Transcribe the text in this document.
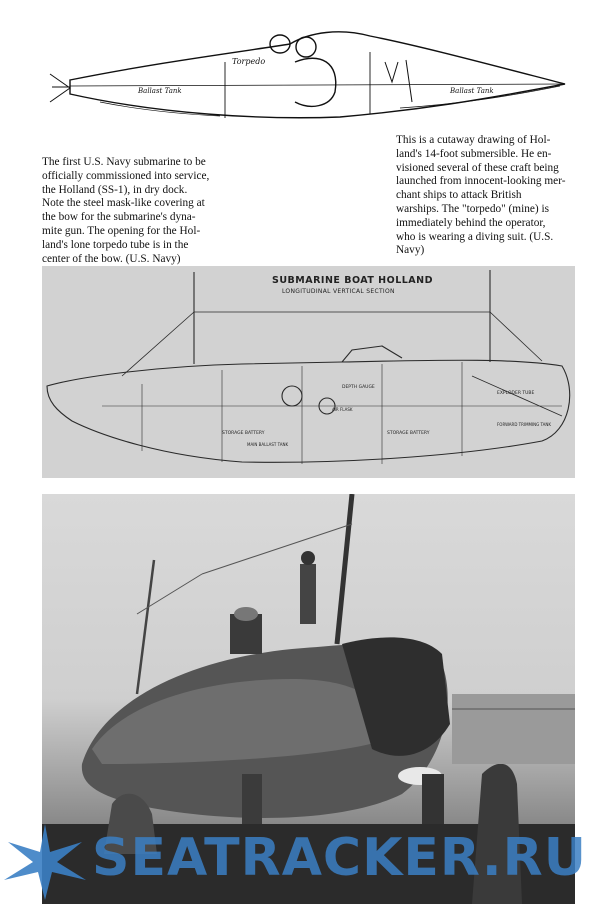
Torpedo
Ballast Tank	Ballast Tank

The first U.S. Navy submarine to be

officially commissioned into service,

the Holland (SS-1), in dry dock.

Note the steel mask-like covering at

the bow for the submarine's dyna-

mite gun. The opening for the Hol-

land's lone torpedo tube is in the

center of the bow. (U.S. Navy)

This is a cutaway drawing of Hol-

land's 14-foot submersible. He en-

visioned several of these craft being

launched from innocent-looking mer-

chant ships to attack British

warships. The "torpedo" (mine) is

immediately behind the operator,

who is wearing a diving suit. (U.S.

Navy)

SUBMARINE BOAT HOLLAND
LONGITUDINAL VERTICAL SECTION
DEPTH GAUGE
STORAGE BATTERY	STORAGE BATTERY
EXPLODER TUBE
FORWARD TRIMMING TANK
MAIN BALLAST TANK
AIR FLASK
SEATRACKER.RU
